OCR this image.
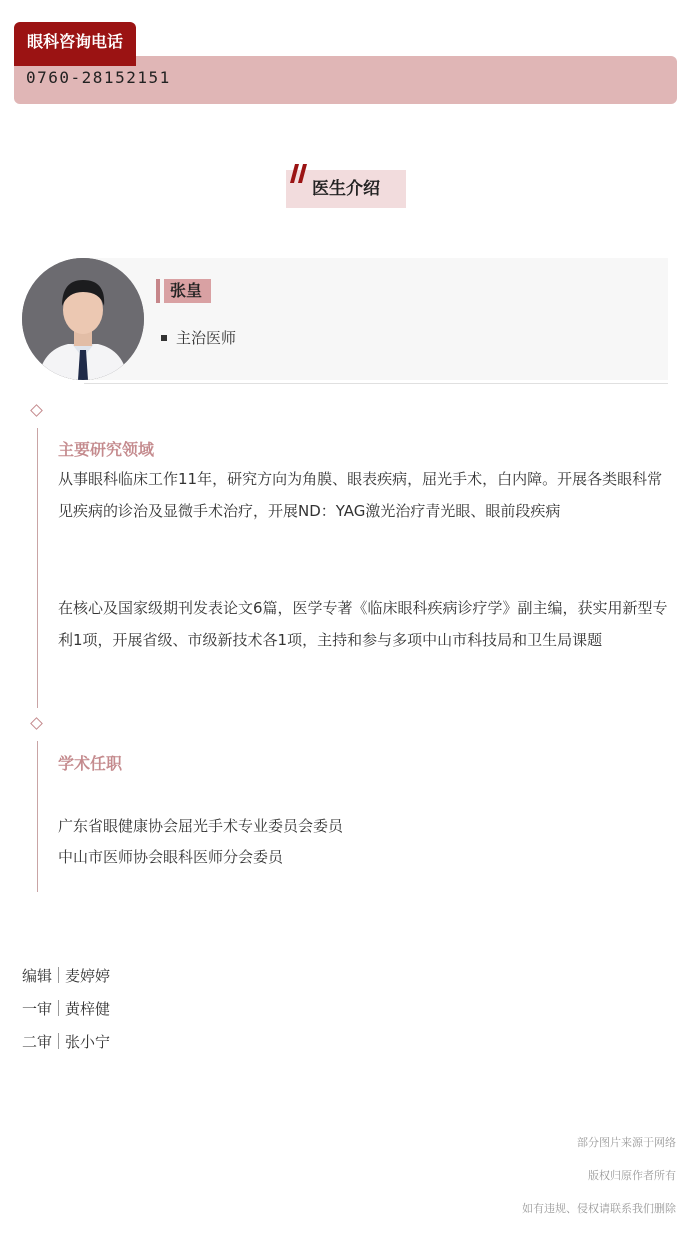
眼科咨询电话
0760-28152151
医生介绍
张皇
主治医师
主要研究领域

从事眼科临床工作11年，研究方向为角膜、眼表疾病，屈光手术，白内障。开展各类眼科常见疾病的诊治及显微手术治疗，开展ND：YAG激光治疗青光眼、眼前段疾病

在核心及国家级期刊发表论文6篇，医学专著《临床眼科疾病诊疗学》副主编，获实用新型专利1项，开展省级、市级新技术各1项，主持和参与多项中山市科技局和卫生局课题

学术任职

广东省眼健康协会屈光手术专业委员会委员

中山市医师协会眼科医师分会委员

编辑 麦婷婷
一审 黄梓健
二审 张小宁
部分图片来源于网络
版权归原作者所有
如有违规、侵权请联系我们删除
